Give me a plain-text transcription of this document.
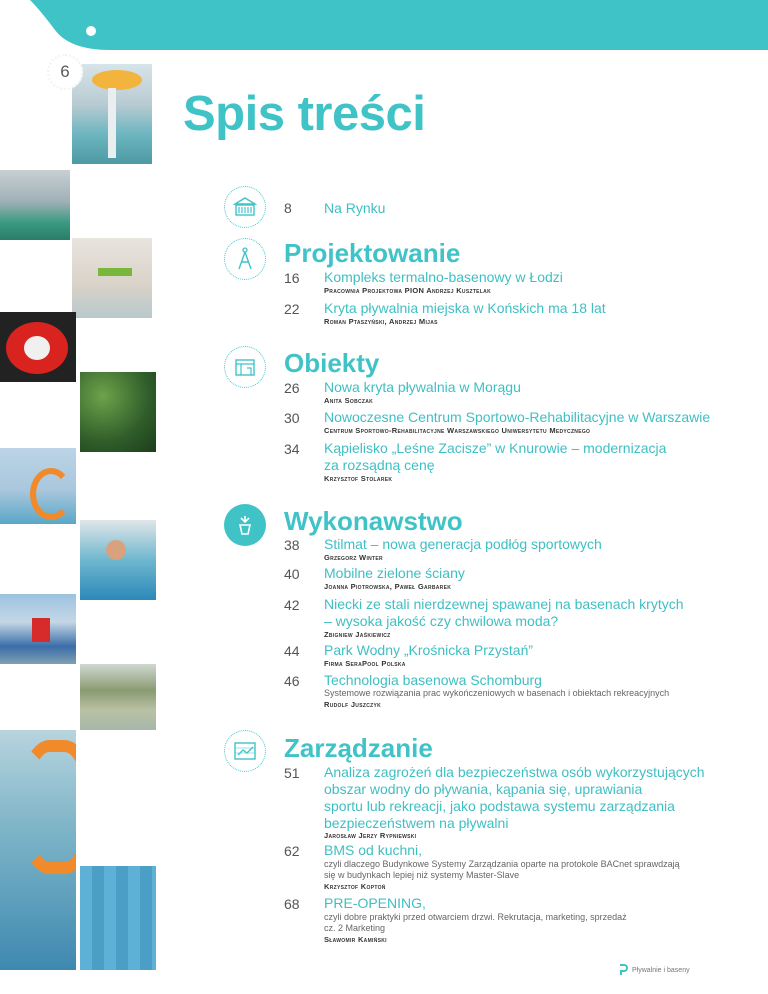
6
Spis treści
8 Na Rynku
Projektowanie
16 Kompleks termalno-basenowy w Łodzi
Pracownia Projektowa PION Andrzej Kusztelak
22 Kryta pływalnia miejska w Końskich ma 18 lat
Roman Ptaszyński, Andrzej Mijas
Obiekty
26 Nowa kryta pływalnia w Morągu
Anita Sobczak
30 Nowoczesne Centrum Sportowo-Rehabilitacyjne w Warszawie
Centrum Sportowo-Rehabilitacyjne Warszawskiego Uniwersytetu Medycznego
34 Kąpielisko „Leśne Zacisze” w Knurowie – modernizacja
za rozsądną cenę
Krzysztof Stolarek
Wykonawstwo
38 Stilmat – nowa generacja podłóg sportowych
Grzegorz Winter
40 Mobilne zielone ściany
Joanna Piotrowska, Paweł Garbarek
42 Niecki ze stali nierdzewnej spawanej na basenach krytych
– wysoka jakość czy chwilowa moda?
Zbigniew Jaśkiewicz
44 Park Wodny „Krośnicka Przystań”
Firma SeraPool Polska
46 Technologia basenowa Schomburg
Systemowe rozwiązania prac wykończeniowych w basenach i obiektach rekreacyjnych
Rudolf Juszczyk
Zarządzanie
51 Analiza zagrożeń dla bezpieczeństwa osób wykorzystujących
obszar wodny do pływania, kąpania się, uprawiania
sportu lub rekreacji, jako podstawa systemu zarządzania
bezpieczeństwem na pływalni
Jarosław Jerzy Rypniewski
62 BMS od kuchni,
czyli dlaczego Budynkowe Systemy Zarządzania oparte na protokole BACnet sprawdzają
się w budynkach lepiej niż systemy Master-Slave
Krzysztof Koptoń
68 PRE-OPENING,
czyli dobre praktyki przed otwarciem drzwi. Rekrutacja, marketing, sprzedaż
cz. 2 Marketing
Sławomir Kamiński
Pływalnie i baseny
